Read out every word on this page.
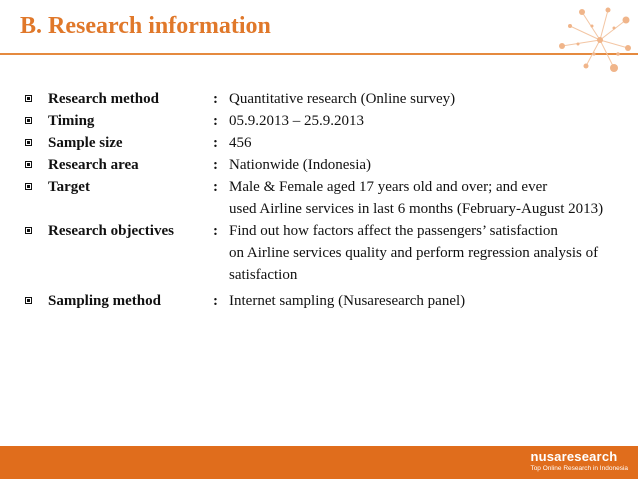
B. Research information
Research method	: Quantitative research (Online survey)
Timing	: 05.9.2013 – 25.9.2013
Sample size	: 456
Research area	: Nationwide (Indonesia)
Target	: Male & Female aged 17 years old and over; and ever
used Airline services in last 6 months (February-August 2013)
Research objectives	: Find out how factors affect the passengers’ satisfaction
on Airline services quality and perform regression analysis of
satisfaction
Sampling method	: Internet sampling (Nusaresearch panel)
nusaresearch
Top Online Research in Indonesia
